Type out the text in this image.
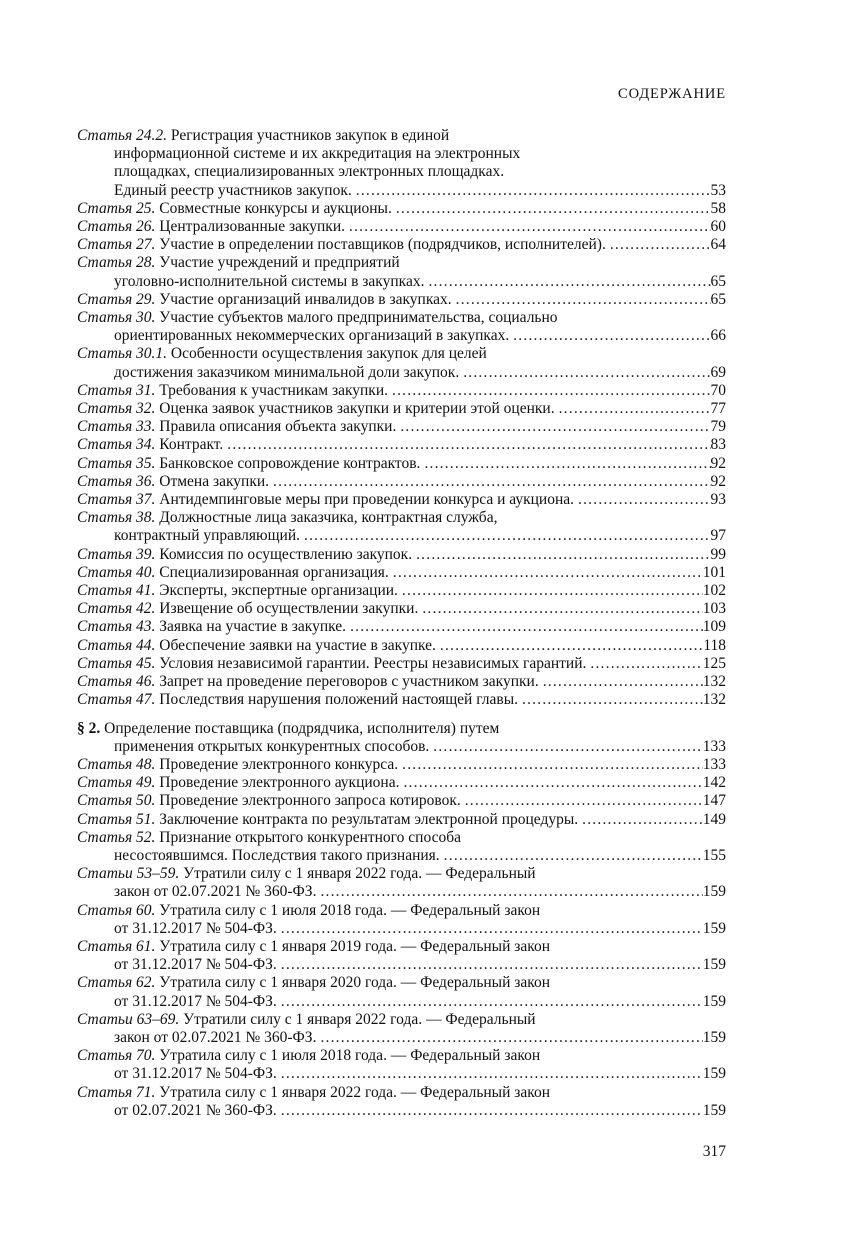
СОДЕРЖАНИЕ
Статья 24.2. Регистрация участников закупок в единой
информационной системе и их аккредитация на электронных
площадках, специализированных электронных площадках.
Единый реестр участников закупок. .....	53
Статья 25. Совместные конкурсы и аукционы. .....	58
Статья 26. Централизованные закупки. .....	60
Статья 27. Участие в определении поставщиков (подрядчиков, исполнителей). .....	64
Статья 28. Участие учреждений и предприятий
уголовно-исполнительной системы в закупках. .....	65
Статья 29. Участие организаций инвалидов в закупках. .....	65
Статья 30. Участие субъектов малого предпринимательства, социально
ориентированных некоммерческих организаций в закупках. .....	66
Статья 30.1. Особенности осуществления закупок для целей
достижения заказчиком минимальной доли закупок. .....	69
Статья 31. Требования к участникам закупки. .....	70
Статья 32. Оценка заявок участников закупки и критерии этой оценки. .....	77
Статья 33. Правила описания объекта закупки. .....	79
Статья 34. Контракт. .....	83
Статья 35. Банковское сопровождение контрактов. .....	92
Статья 36. Отмена закупки. .....	92
Статья 37. Антидемпинговые меры при проведении конкурса и аукциона. .....	93
Статья 38. Должностные лица заказчика, контрактная служба,
контрактный управляющий. .....	97
Статья 39. Комиссия по осуществлению закупок. .....	99
Статья 40. Специализированная организация. .....	101
Статья 41. Эксперты, экспертные организации. .....	102
Статья 42. Извещение об осуществлении закупки. .....	103
Статья 43. Заявка на участие в закупке. .....	109
Статья 44. Обеспечение заявки на участие в закупке. .....	118
Статья 45. Условия независимой гарантии. Реестры независимых гарантий. .....	125
Статья 46. Запрет на проведение переговоров с участником закупки. .....	132
Статья 47. Последствия нарушения положений настоящей главы. .....	132
§ 2. Определение поставщика (подрядчика, исполнителя) путем
применения открытых конкурентных способов. .....	133
Статья 48. Проведение электронного конкурса. .....	133
Статья 49. Проведение электронного аукциона. .....	142
Статья 50. Проведение электронного запроса котировок. .....	147
Статья 51. Заключение контракта по результатам электронной процедуры. .....	149
Статья 52. Признание открытого конкурентного способа
несостоявшимся. Последствия такого признания. .....	155
Статьи 53–59. Утратили силу с 1 января 2022 года. — Федеральный
закон от 02.07.2021 № 360-ФЗ. .....	159
Статья 60. Утратила силу с 1 июля 2018 года. — Федеральный закон
от 31.12.2017 № 504-ФЗ. .....	159
Статья 61. Утратила силу с 1 января 2019 года. — Федеральный закон
от 31.12.2017 № 504-ФЗ. .....	159
Статья 62. Утратила силу с 1 января 2020 года. — Федеральный закон
от 31.12.2017 № 504-ФЗ. .....	159
Статьи 63–69. Утратили силу с 1 января 2022 года. — Федеральный
закон от 02.07.2021 № 360-ФЗ. .....	159
Статья 70. Утратила силу с 1 июля 2018 года. — Федеральный закон
от 31.12.2017 № 504-ФЗ. .....	159
Статья 71. Утратила силу с 1 января 2022 года. — Федеральный закон
от 02.07.2021 № 360-ФЗ. .....	159
317
